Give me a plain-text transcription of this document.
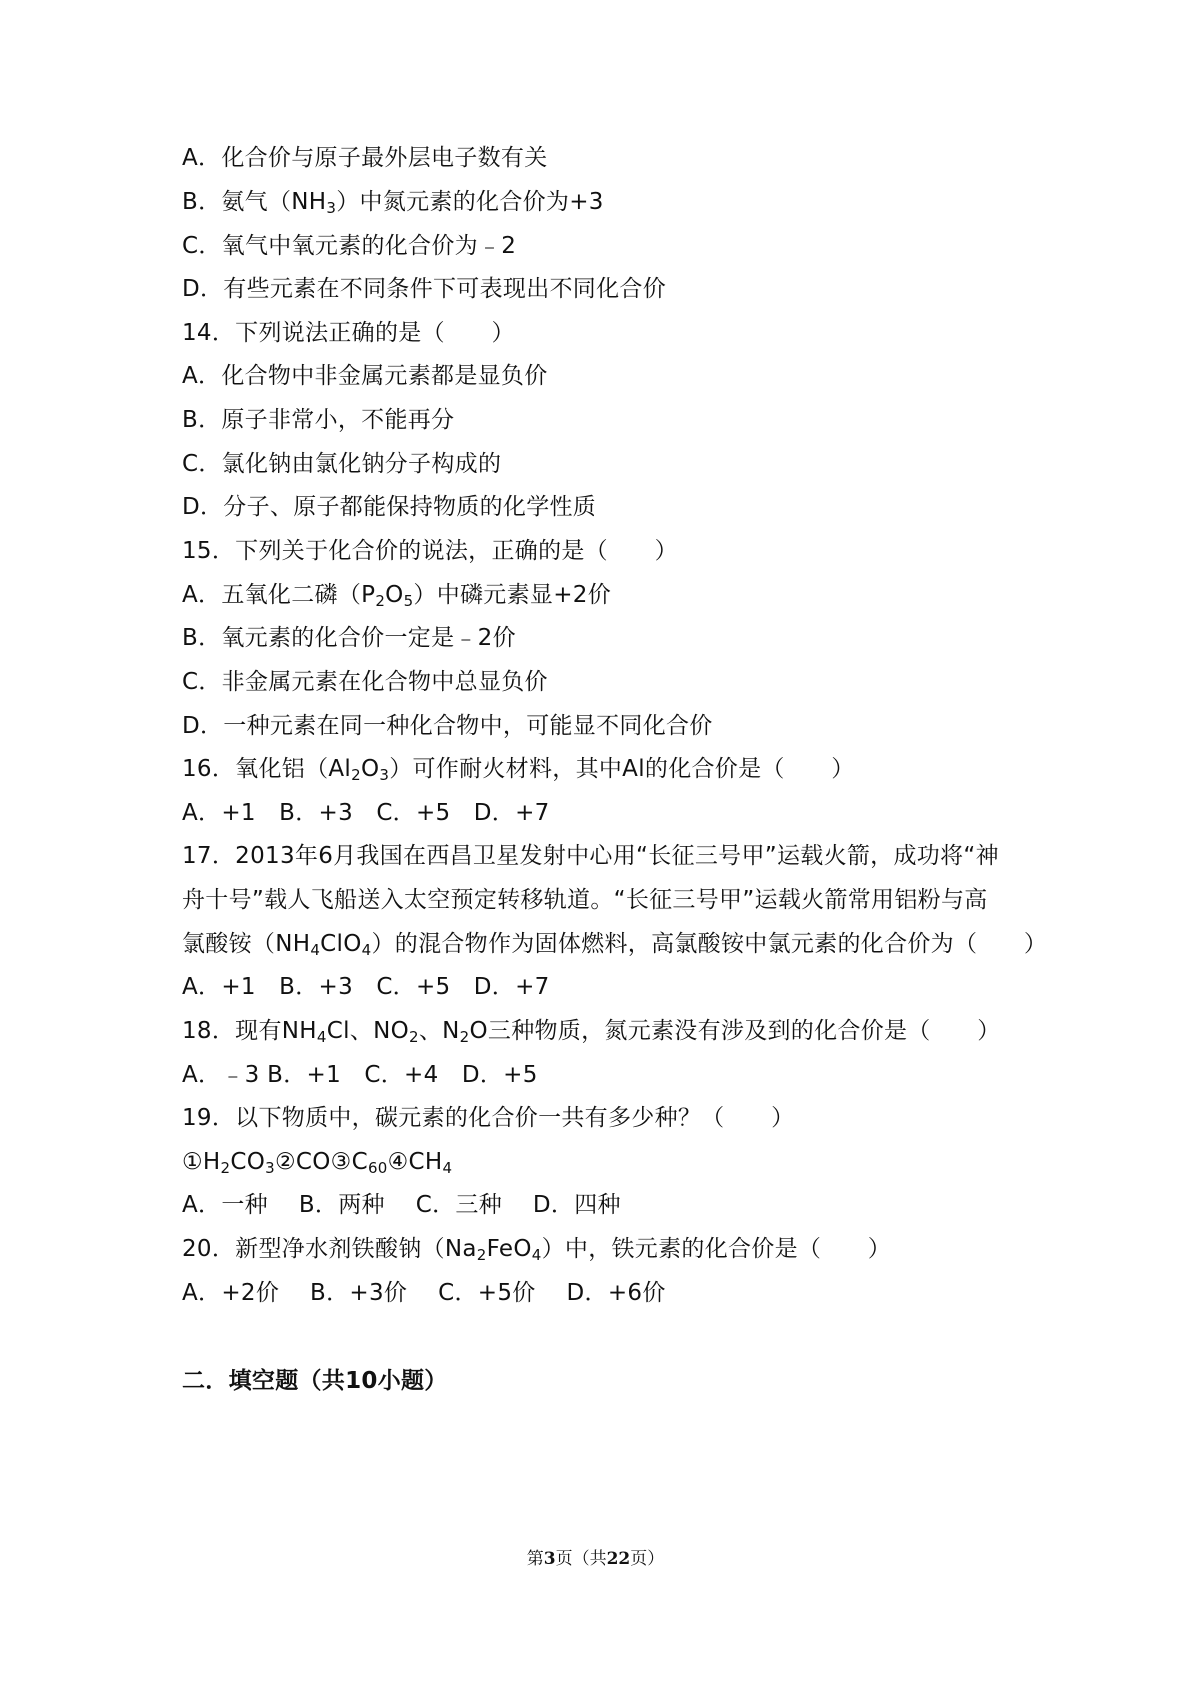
A．化合价与原子最外层电子数有关
B．氨气$(NH_3)$中氮元素的化合价为+3
C．氧气中氧元素的化合价为﹣2
D．有些元素在不同条件下可表现出不同化合价
14．下列说法正确的是（　　）
A．化合物中非金属元素都是显负价
B．原子非常小，不能再分
C．氯化钠由氯化钠分子构成的
D．分子、原子都能保持物质的化学性质
15．下列关于化合价的说法，正确的是（　　）
A．五氧化二磷$(P_2O_5)$中磷元素显+2价
B．氧元素的化合价一定是﹣2价
C．非金属元素在化合物中总显负价
D．一种元素在同一种化合物中，可能显不同化合价
16．氧化铝$(Al_2O_3)$可作耐火材料，其中Al的化合价是（　　）
A．+1　B．+3　C．+5　D．+7
17．2013年6月我国在西昌卫星发射中心用“长征三号甲”运载火箭，成功将“神
舟十号”载人飞船送入太空预定转移轨道。“长征三号甲”运载火箭常用铝粉与高
氯酸铵$(NH_4ClO_4)$的混合物作为固体燃料，高氯酸铵中氯元素的化合价为（　　）
A．+1　B．+3　C．+5　D．+7
18．现有$NH_4Cl$、$NO_2$、$N_2O$三种物质，氮元素没有涉及到的化合价是（　　）
A．﹣3 B．+1　C．+4　D．+5
19．以下物质中，碳元素的化合价一共有多少种？（　　）
$①H_2CO_3②CO③C_{60}④CH_4$
A．一种　 B．两种　 C．三种　 D．四种
20．新型净水剂铁酸钠$(Na_2FeO_4)$中，铁元素的化合价是（　　）
A．+2价　 B．+3价　 C．+5价　 D．+6价
二．填空题（共10小题）
第3页（共22页）
